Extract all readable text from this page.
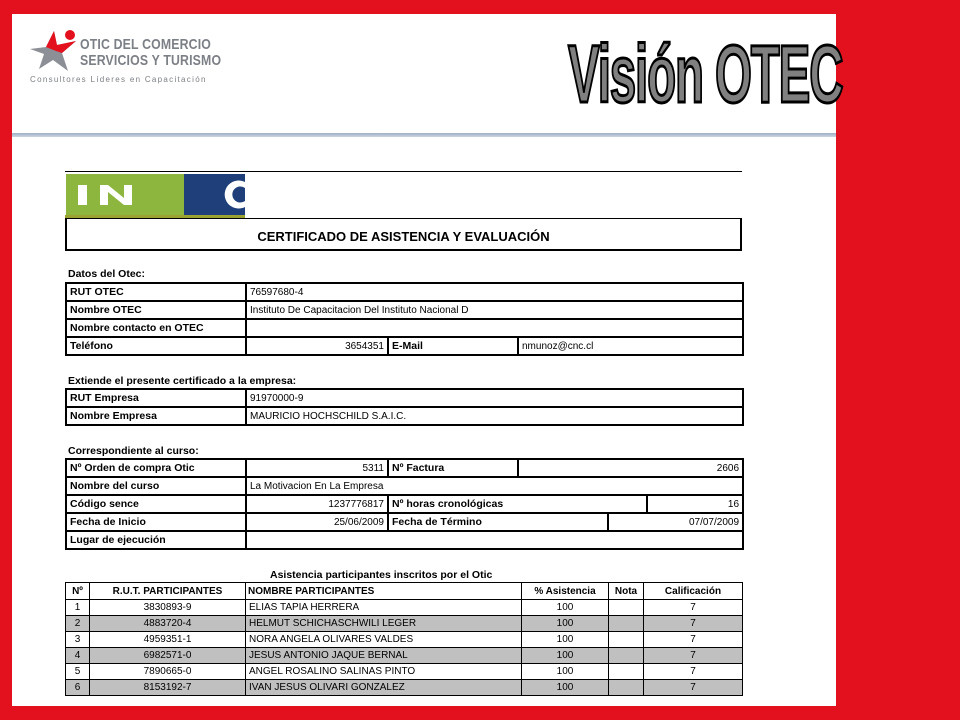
OTIC DEL COMERCIO
SERVICIOS Y TURISMO
Consultores Líderes en Capacitación	Visión OTEC
CERTIFICADO DE ASISTENCIA Y EVALUACIÓN
Datos del Otec:
RUT OTEC	76597680-4		
Nombre OTEC	Instituto De Capacitacion Del Instituto Nacional D		
Nombre contacto en OTEC			
Teléfono	3654351	E-Mail	nmunoz@cnc.cl
Extiende el presente certificado a la empresa:
RUT Empresa	91970000-9
Nombre Empresa	MAURICIO HOCHSCHILD S.A.I.C.
Correspondiente al curso:
Nº Orden de compra Otic	5311	Nº Factura	2606		
Nombre del curso	La Motivacion En La Empresa				
Código sence	1237776817	Nº horas cronológicas			16
Fecha de Inicio	25/06/2009	Fecha de Término		07/07/2009	
Lugar de ejecución					
Asistencia participantes inscritos por el Otic
Nº	R.U.T. PARTICIPANTES	NOMBRE PARTICIPANTES	% Asistencia	Nota	Calificación
1	3830893-9	ELIAS TAPIA HERRERA	100		7
2	4883720-4	HELMUT SCHICHASCHWILI LEGER	100		7
3	4959351-1	NORA ANGELA OLIVARES VALDES	100		7
4	6982571-0	JESUS ANTONIO JAQUE BERNAL	100		7
5	7890665-0	ANGEL ROSALINO SALINAS PINTO	100		7
6	8153192-7	IVAN JESUS OLIVARI GONZALEZ	100		7
